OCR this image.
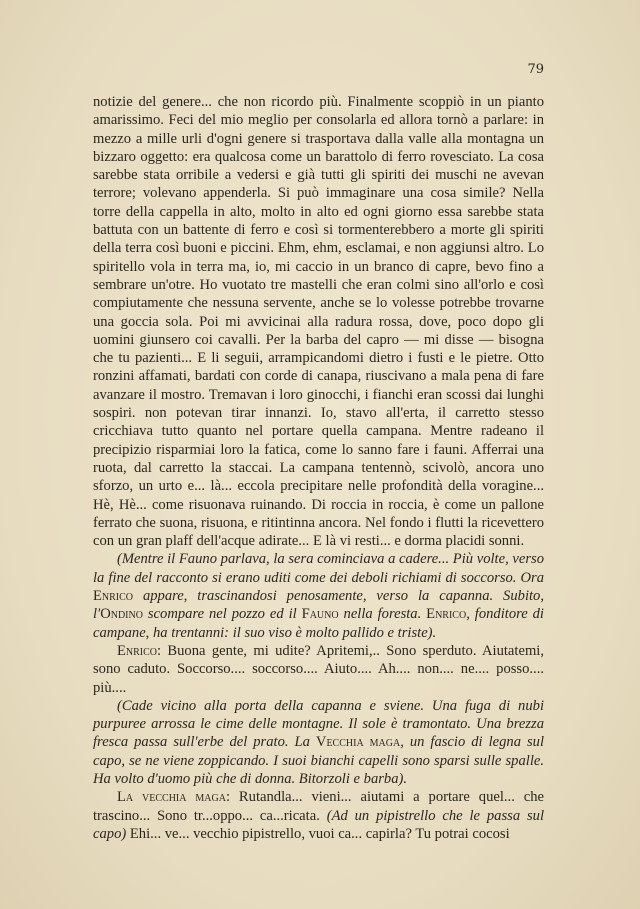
79

notizie del genere... che non ricordo più. Finalmente scoppiò in un pianto amarissimo. Feci del mio meglio per consolarla ed allora tornò a parlare: in mezzo a mille urli d'ogni genere si trasportava dalla valle alla montagna un bizzaro oggetto: era qualcosa come un barattolo di ferro rovesciato. La cosa sarebbe stata orribile a vedersi e già tutti gli spiriti dei muschi ne avevan terrore; volevano appenderla. Si può immaginare una cosa simile? Nella torre della cappella in alto, molto in alto ed ogni giorno essa sarebbe stata battuta con un battente di ferro e così si tormenterebbero a morte gli spiriti della terra così buoni e piccini. Ehm, ehm, esclamai, e non aggiunsi altro. Lo spiritello vola in terra ma, io, mi caccio in un branco di capre, bevo fino a sembrare un'otre. Ho vuotato tre mastelli che eran colmi sino all'orlo e così compiutamente che nessuna servente, anche se lo volesse potrebbe trovarne una goccia sola. Poi mi avvicinai alla radura rossa, dove, poco dopo gli uomini giunsero coi cavalli. Per la barba del capro — mi disse — bisogna che tu pazienti... E li seguii, arrampicandomi dietro i fusti e le pietre. Otto ronzini affamati, bardati con corde di canapa, riuscivano a mala pena di fare avanzare il mostro. Tremavan i loro ginocchi, i fianchi eran scossi dai lunghi sospiri. non potevan tirar innanzi. Io, stavo all'erta, il carretto stesso cricchiava tutto quanto nel portare quella campana. Mentre radeano il precipizio risparmiai loro la fatica, come lo sanno fare i fauni. Afferrai una ruota, dal carretto la staccai. La campana tentennò, scivolò, ancora uno sforzo, un urto e... là... eccola precipitare nelle profondità della voragine... Hè, Hè... come risuonava ruinando. Di roccia in roccia, è come un pallone ferrato che suona, risuona, e ritintinna ancora. Nel fondo i flutti la ricevettero con un gran plaff dell'acque adirate... E là vi resti... e dorma placidi sonni.

(Mentre il Fauno parlava, la sera cominciava a cadere... Più volte, verso la fine del racconto si erano uditi come dei deboli richiami di soccorso. Ora Enrico appare, trascinandosi penosamente, verso la capanna. Subito, l'Ondino scompare nel pozzo ed il Fauno nella foresta. Enrico, fonditore di campane, ha trentanni: il suo viso è molto pallido e triste).

Enrico: Buona gente, mi udite? Apritemi,.. Sono sperduto. Aiutatemi, sono caduto. Soccorso.... soccorso.... Aiuto.... Ah.... non.... ne.... posso.... più....

(Cade vicino alla porta della capanna e sviene. Una fuga di nubi purpuree arrossa le cime delle montagne. Il sole è tramontato. Una brezza fresca passa sull'erbe del prato. La Vecchia maga, un fascio di legna sul capo, se ne viene zoppicando. I suoi bianchi capelli sono sparsi sulle spalle. Ha volto d'uomo più che di donna. Bitorzoli e barba).

La vecchia maga: Rutandla... vieni... aiutami a portare quel... che trascino... Sono tr...oppo... ca...ricata. (Ad un pipistrello che le passa sul capo) Ehi... ve... vecchio pipistrello, vuoi ca... capirla? Tu potrai cocosi
